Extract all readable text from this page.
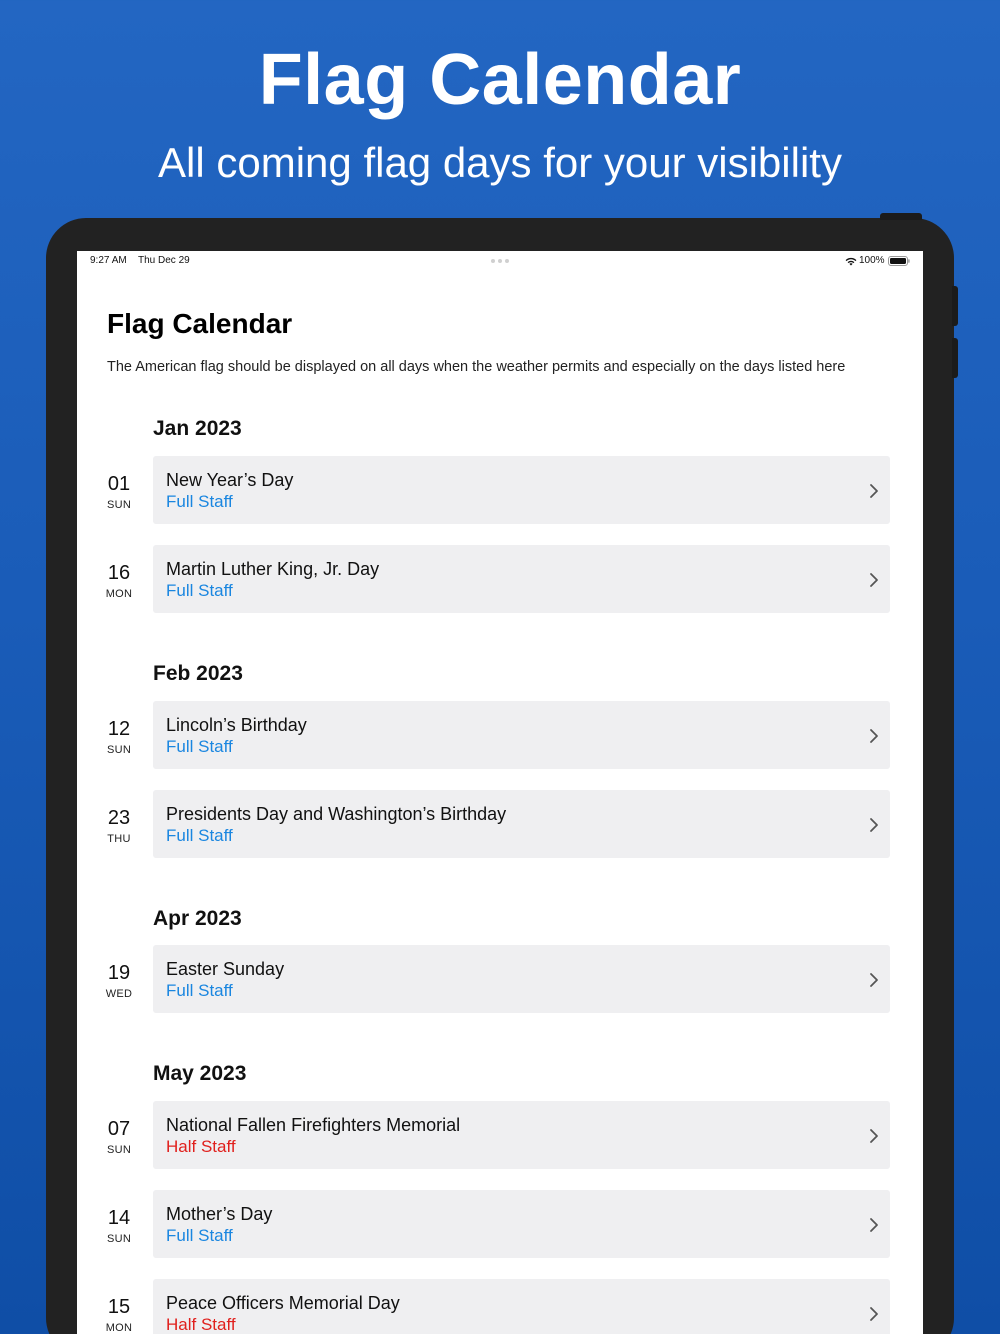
Flag Calendar

All coming flag days for your visibility

9:27 AM Thu Dec 29	100%
Flag Calendar

The American flag should be displayed on all days when the weather permits and especially on the days listed here

Jan 2023
01
SUN
New Year’s Day
Full Staff
16
MON
Martin Luther King, Jr. Day
Full Staff
Feb 2023
12
SUN
Lincoln’s Birthday
Full Staff
23
THU
Presidents Day and Washington’s Birthday
Full Staff
Apr 2023
19
WED
Easter Sunday
Full Staff
May 2023
07
SUN
National Fallen Firefighters Memorial
Half Staff
14
SUN
Mother’s Day
Full Staff
15
MON
Peace Officers Memorial Day
Half Staff
